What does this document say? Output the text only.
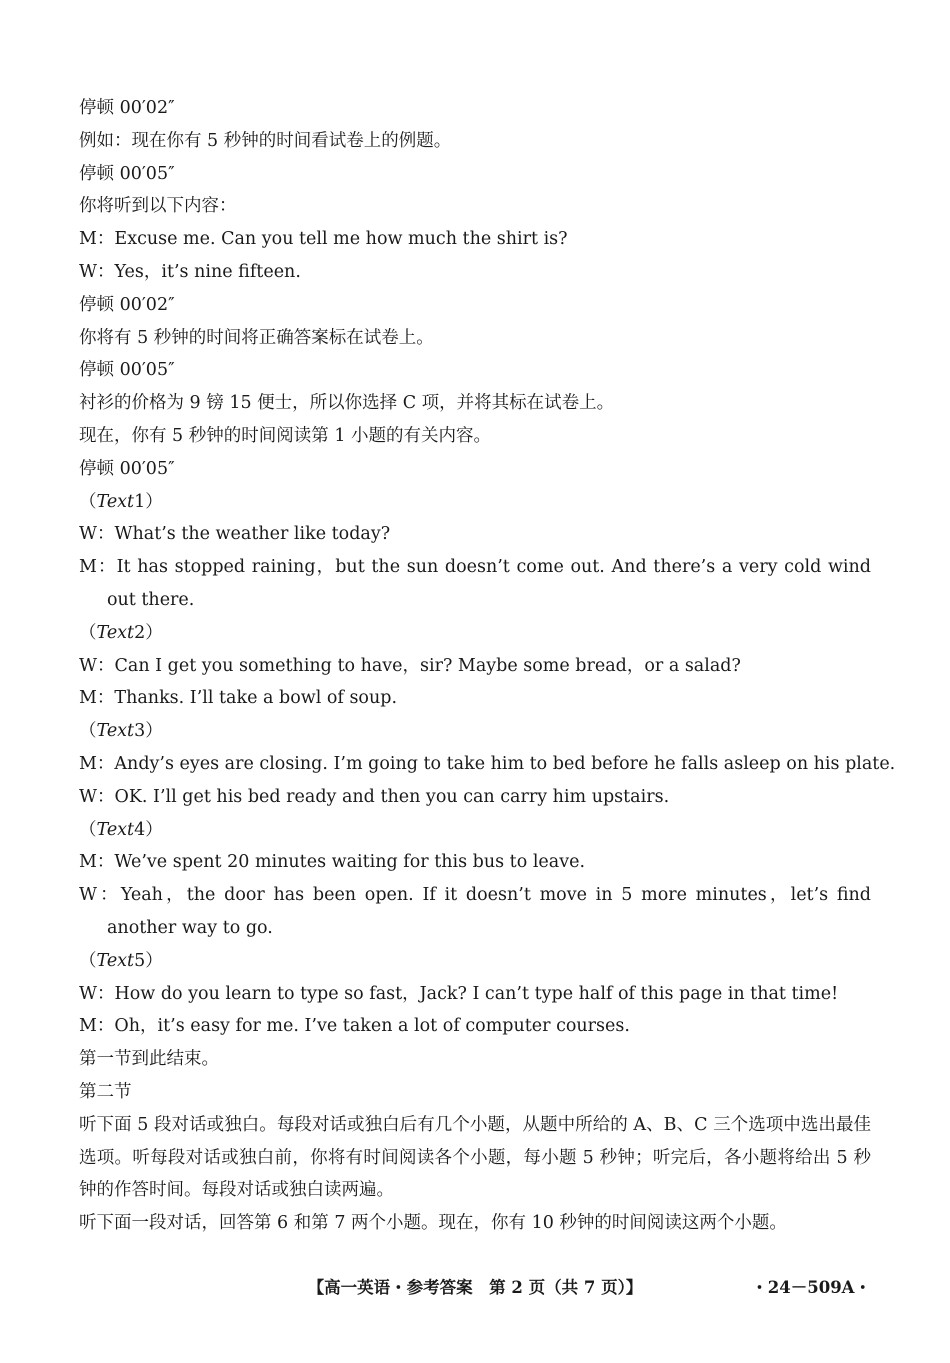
停顿 00′02″
例如：现在你有 5 秒钟的时间看试卷上的例题。
停顿 00′05″
你将听到以下内容：
M ： Excuse me. Can you tell me how much the shirt is?
W ： Yes，it’s nine fifteen.
停顿 00′02″
你将有 5 秒钟的时间将正确答案标在试卷上。
停顿 00′05″
衬衫的价格为 9 镑 15 便士，所以你选择 C 项，并将其标在试卷上。
现在，你有 5 秒钟的时间阅读第 1 小题的有关内容。
停顿 00′05″
（ Text 1 ）
W ： What’s the weather like today?
M：It has stopped raining，but the sun doesn’t come out. And there’s a very cold wind out there.
（ Text 2 ）
W ： Can I get you something to have，sir? Maybe some bread，or a salad?
M ： Thanks. I’ll take a bowl of soup.
（ Text 3 ）
M ： Andy’s eyes are closing. I’m going to take him to bed before he falls asleep on his plate.
W ： OK. I’ll get his bed ready and then you can carry him upstairs.
（ Text 4 ）
M ： We’ve spent 20 minutes waiting for this bus to leave.
W：Yeah，the door has been open. If it doesn’t move in 5 more minutes，let’s find another way to go.
（ Text 5 ）
W ： How do you learn to type so fast，Jack? I can’t type half of this page in that time!
M ： Oh，it’s easy for me. I’ve taken a lot of computer courses.
第一节到此结束。
第二节
听下面 5 段对话或独白。每段对话或独白后有几个小题，从题中所给的 A、B、C 三个选项中选出最佳选项。听每段对话或独白前，你将有时间阅读各个小题，每小题 5 秒钟；听完后，各小题将给出 5 秒钟的作答时间。每段对话或独白读两遍。
听下面一段对话，回答第 6 和第 7 两个小题。现在，你有 10 秒钟的时间阅读这两个小题。
【高一英语・参考答案　第 2 页（共 7 页）】	・24－509A・
